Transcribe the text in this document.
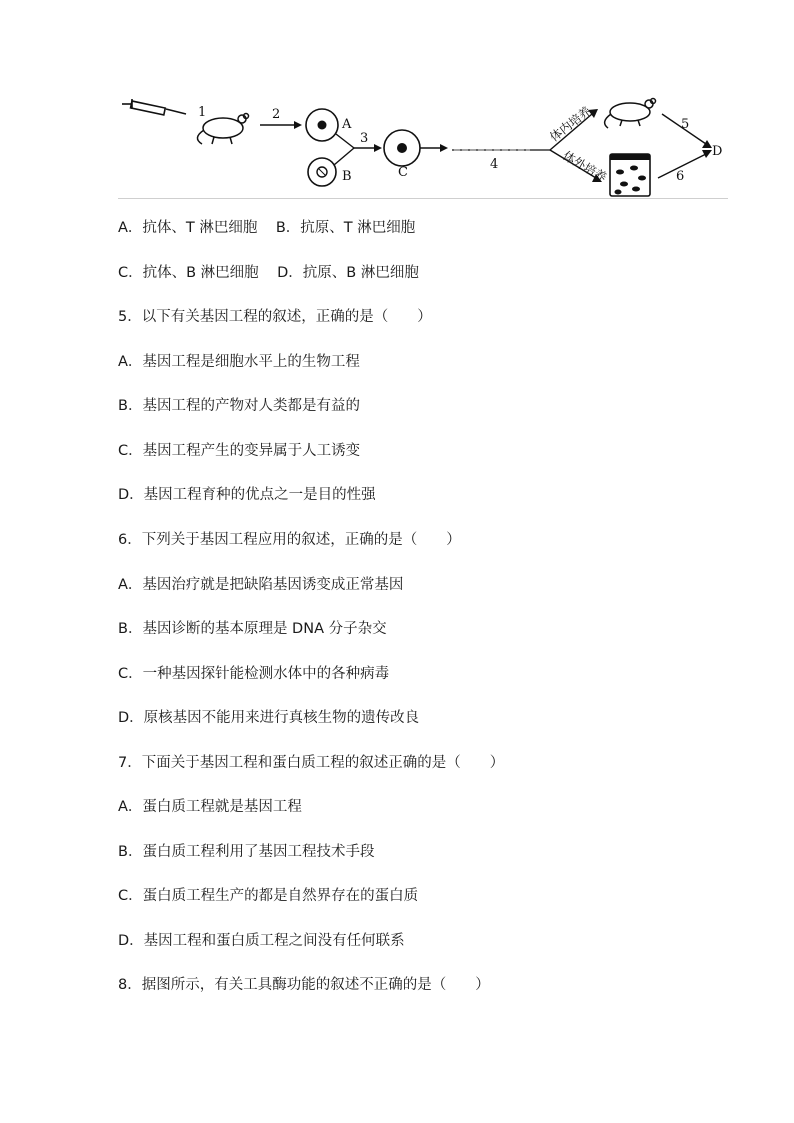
1	2
A
B
3
C
4
体内培养
体外培养
5
6
D
A．抗体、T 淋巴细胞    B．抗原、T 淋巴细胞
C．抗体、B 淋巴细胞    D．抗原、B 淋巴细胞
5．以下有关基因工程的叙述，正确的是（　　）
A．基因工程是细胞水平上的生物工程
B．基因工程的产物对人类都是有益的
C．基因工程产生的变异属于人工诱变
D．基因工程育种的优点之一是目的性强
6．下列关于基因工程应用的叙述，正确的是（　　）
A．基因治疗就是把缺陷基因诱变成正常基因
B．基因诊断的基本原理是 DNA 分子杂交
C．一种基因探针能检测水体中的各种病毒
D．原核基因不能用来进行真核生物的遗传改良
7．下面关于基因工程和蛋白质工程的叙述正确的是（　　）
A．蛋白质工程就是基因工程
B．蛋白质工程利用了基因工程技术手段
C．蛋白质工程生产的都是自然界存在的蛋白质
D．基因工程和蛋白质工程之间没有任何联系
8．据图所示，有关工具酶功能的叙述不正确的是（　　）
